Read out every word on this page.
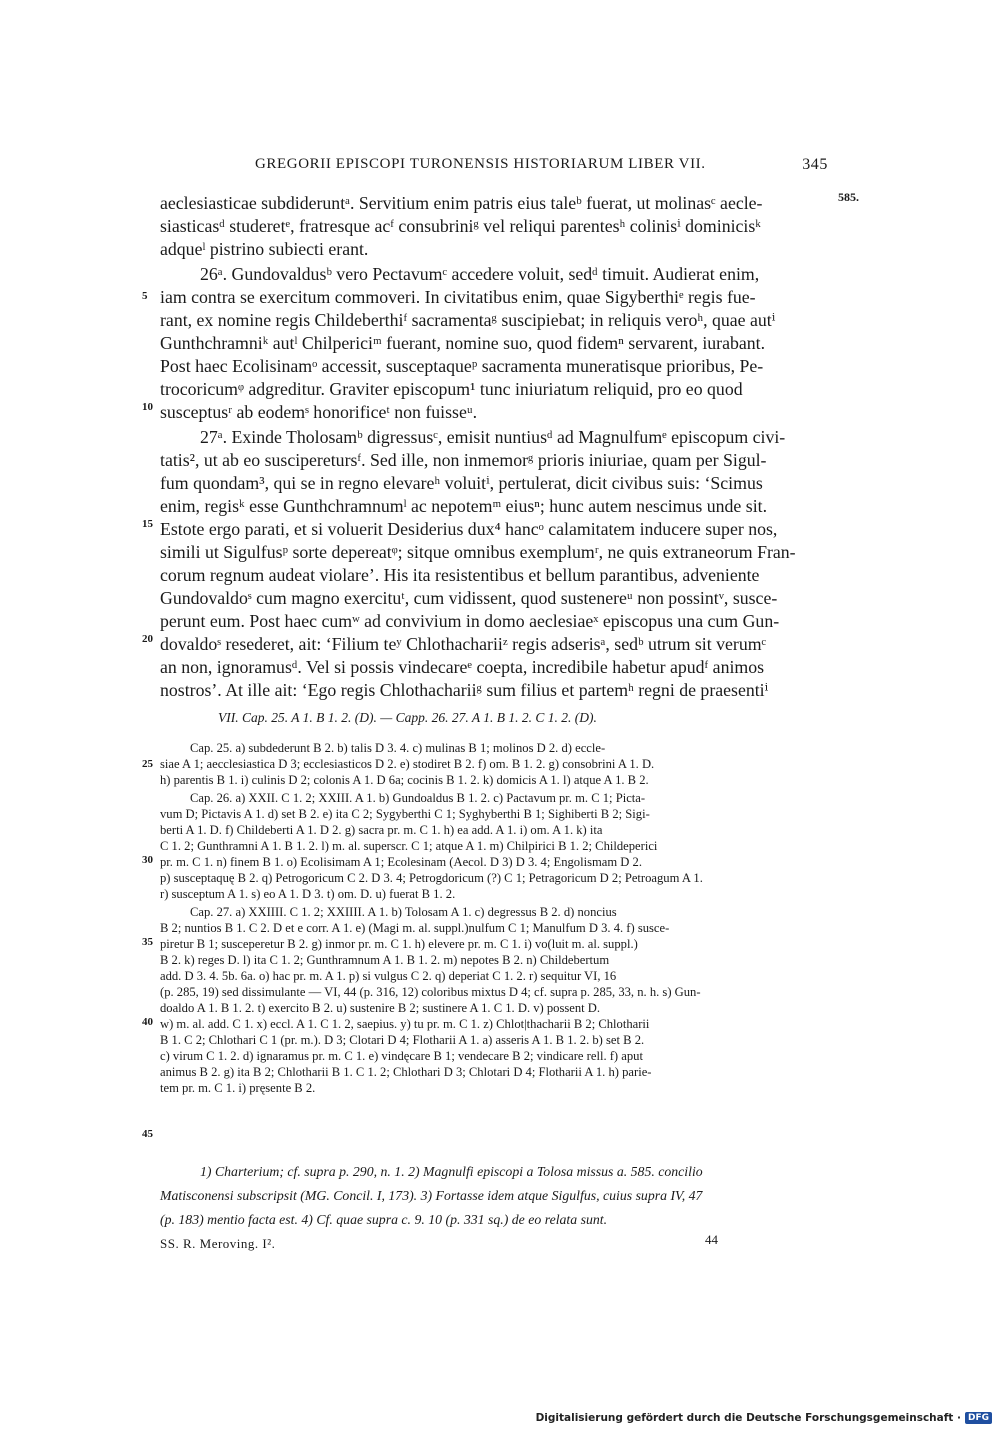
GREGORII EPISCOPI TURONENSIS HISTORIARUM LIBER VII.	345
585.
aeclesiasticae subdideruntᵃ. Servitium enim patris eius taleᵇ fuerat, ut molinasᶜ aecle-
siasticasᵈ studeretᵉ, fratresque acᶠ consubriniᵍ vel reliqui parentesʰ colinisⁱ dominicisᵏ
adqueˡ pistrino subiecti erant.
26ᵃ. Gundovaldusᵇ vero Pectavumᶜ accedere voluit, sedᵈ timuit. Audierat enim,
iam contra se exercitum commoveri. In civitatibus enim, quae Sigyberthiᵉ regis fue-
rant, ex nomine regis Childeberthiᶠ sacramentaᵍ suscipiebat; in reliquis veroʰ, quae autⁱ
Gunthchramniᵏ autˡ Chilpericiᵐ fuerant, nomine suo, quod fidemⁿ servarent, iurabant.
Post haec Ecolisinamᵒ accessit, susceptaqueᵖ sacramenta muneratisque prioribus, Pe-
trocoricumᵠ adgreditur. Graviter episcopum¹ tunc iniuriatum reliquid, pro eo quod
susceptusʳ ab eodemˢ honorificeᵗ non fuisseᵘ.
27ᵃ. Exinde Tholosamᵇ digressusᶜ, emisit nuntiusᵈ ad Magnulfumᵉ episcopum civi-
tatis², ut ab eo susciperetursᶠ. Sed ille, non inmemorᵍ prioris iniuriae, quam per Sigul-
fum quondam³, qui se in regno elevareʰ voluitⁱ, pertulerat, dicit civibus suis: ‘Scimus
enim, regisᵏ esse Gunthchramnumˡ ac nepotemᵐ eiusⁿ; hunc autem nescimus unde sit.
Estote ergo parati, et si voluerit Desiderius dux⁴ hancᵒ calamitatem inducere super nos,
simili ut Sigulfusᵖ sorte depereatᵠ; sitque omnibus exemplumʳ, ne quis extraneorum Fran-
corum regnum audeat violare’. His ita resistentibus et bellum parantibus, adveniente
Gundovaldoˢ cum magno exercituᵗ, cum vidissent, quod sustenereᵘ non possintᵛ, susce-
perunt eum. Post haec cumʷ ad convivium in domo aeclesiaeˣ episcopus una cum Gun-
dovaldoˢ resederet, ait: ‘Filium teʸ Chlothachariiᶻ regis adserisᵃ, sedᵇ utrum sit verumᶜ
an non, ignoramusᵈ. Vel si possis vindecareᵉ coepta, incredibile habetur apudᶠ animos
nostros’. At ille ait: ‘Ego regis Chlothachariiᵍ sum filius et partemʰ regni de praesentiⁱ
5
10
15
20
VII. Cap. 25. A 1. B 1. 2. (D). — Capp. 26. 27. A 1. B 1. 2. C 1. 2. (D).
Cap. 25. a) subdederunt B 2. b) talis D 3. 4. c) mulinas B 1; molinos D 2. d) eccle-
siae A 1; aecclesiastica D 3; ecclesiasticos D 2. e) stodiret B 2. f) om. B 1. 2. g) consobrini A 1. D.
h) parentis B 1. i) culinis D 2; colonis A 1. D 6a; cocinis B 1. 2. k) domicis A 1. l) atque A 1. B 2.
Cap. 26. a) XXII. C 1. 2; XXIII. A 1. b) Gundoaldus B 1. 2. c) Pactavum pr. m. C 1; Picta-
vum D; Pictavis A 1. d) set B 2. e) ita C 2; Sygyberthi C 1; Syghyberthi B 1; Sighiberti B 2; Sigi-
berti A 1. D. f) Childeberti A 1. D 2. g) sacra pr. m. C 1. h) ea add. A 1. i) om. A 1. k) ita
C 1. 2; Gunthramni A 1. B 1. 2. l) m. al. superscr. C 1; atque A 1. m) Chilpirici B 1. 2; Childeperici
pr. m. C 1. n) finem B 1. o) Ecolisimam A 1; Ecolesinam (Aecol. D 3) D 3. 4; Engolismam D 2.
p) susceptaquę B 2. q) Petrogoricum C 2. D 3. 4; Petrogdoricum (?) C 1; Petragoricum D 2; Petroagum A 1.
r) susceptum A 1. s) eo A 1. D 3. t) om. D. u) fuerat B 1. 2.
Cap. 27. a) XXIIII. C 1. 2; XXIIII. A 1. b) Tolosam A 1. c) degressus B 2. d) noncius
B 2; nuntios B 1. C 2. D et e corr. A 1. e) (Magi m. al. suppl.)nulfum C 1; Manulfum D 3. 4. f) susce-
piretur B 1; susceperetur B 2. g) inmor pr. m. C 1. h) elevere pr. m. C 1. i) vo(luit m. al. suppl.)
B 2. k) reges D. l) ita C 1. 2; Gunthramnum A 1. B 1. 2. m) nepotes B 2. n) Childebertum
add. D 3. 4. 5b. 6a. o) hac pr. m. A 1. p) si vulgus C 2. q) deperiat C 1. 2. r) sequitur VI, 16
(p. 285, 19) sed dissimulante — VI, 44 (p. 316, 12) coloribus mixtus D 4; cf. supra p. 285, 33, n. h. s) Gun-
doaldo A 1. B 1. 2. t) exercito B 2. u) sustenire B 2; sustinere A 1. C 1. D. v) possent D.
w) m. al. add. C 1. x) eccl. A 1. C 1. 2, saepius. y) tu pr. m. C 1. z) Chlot|thacharii B 2; Chlotharii
B 1. C 2; Chlothari C 1 (pr. m.). D 3; Clotari D 4; Flotharii A 1. a) asseris A 1. B 1. 2. b) set B 2.
c) virum C 1. 2. d) ignaramus pr. m. C 1. e) vindęcare B 1; vendecare B 2; vindicare rell. f) aput
animus B 2. g) ita B 2; Chlotharii B 1. C 1. 2; Chlothari D 3; Chlotari D 4; Flotharii A 1. h) parie-
tem pr. m. C 1. i) pręsente B 2.
25
30
35
40
45
1) Charterium; cf. supra p. 290, n. 1. 2) Magnulfi episcopi a Tolosa missus a. 585. concilio
Matisconensi subscripsit (MG. Concil. I, 173). 3) Fortasse idem atque Sigulfus, cuius supra IV, 47
(p. 183) mentio facta est. 4) Cf. quae supra c. 9. 10 (p. 331 sq.) de eo relata sunt.
SS. R. Meroving. I².	44
Digitalisierung gefördert durch die Deutsche Forschungsgemeinschaft · DFG
